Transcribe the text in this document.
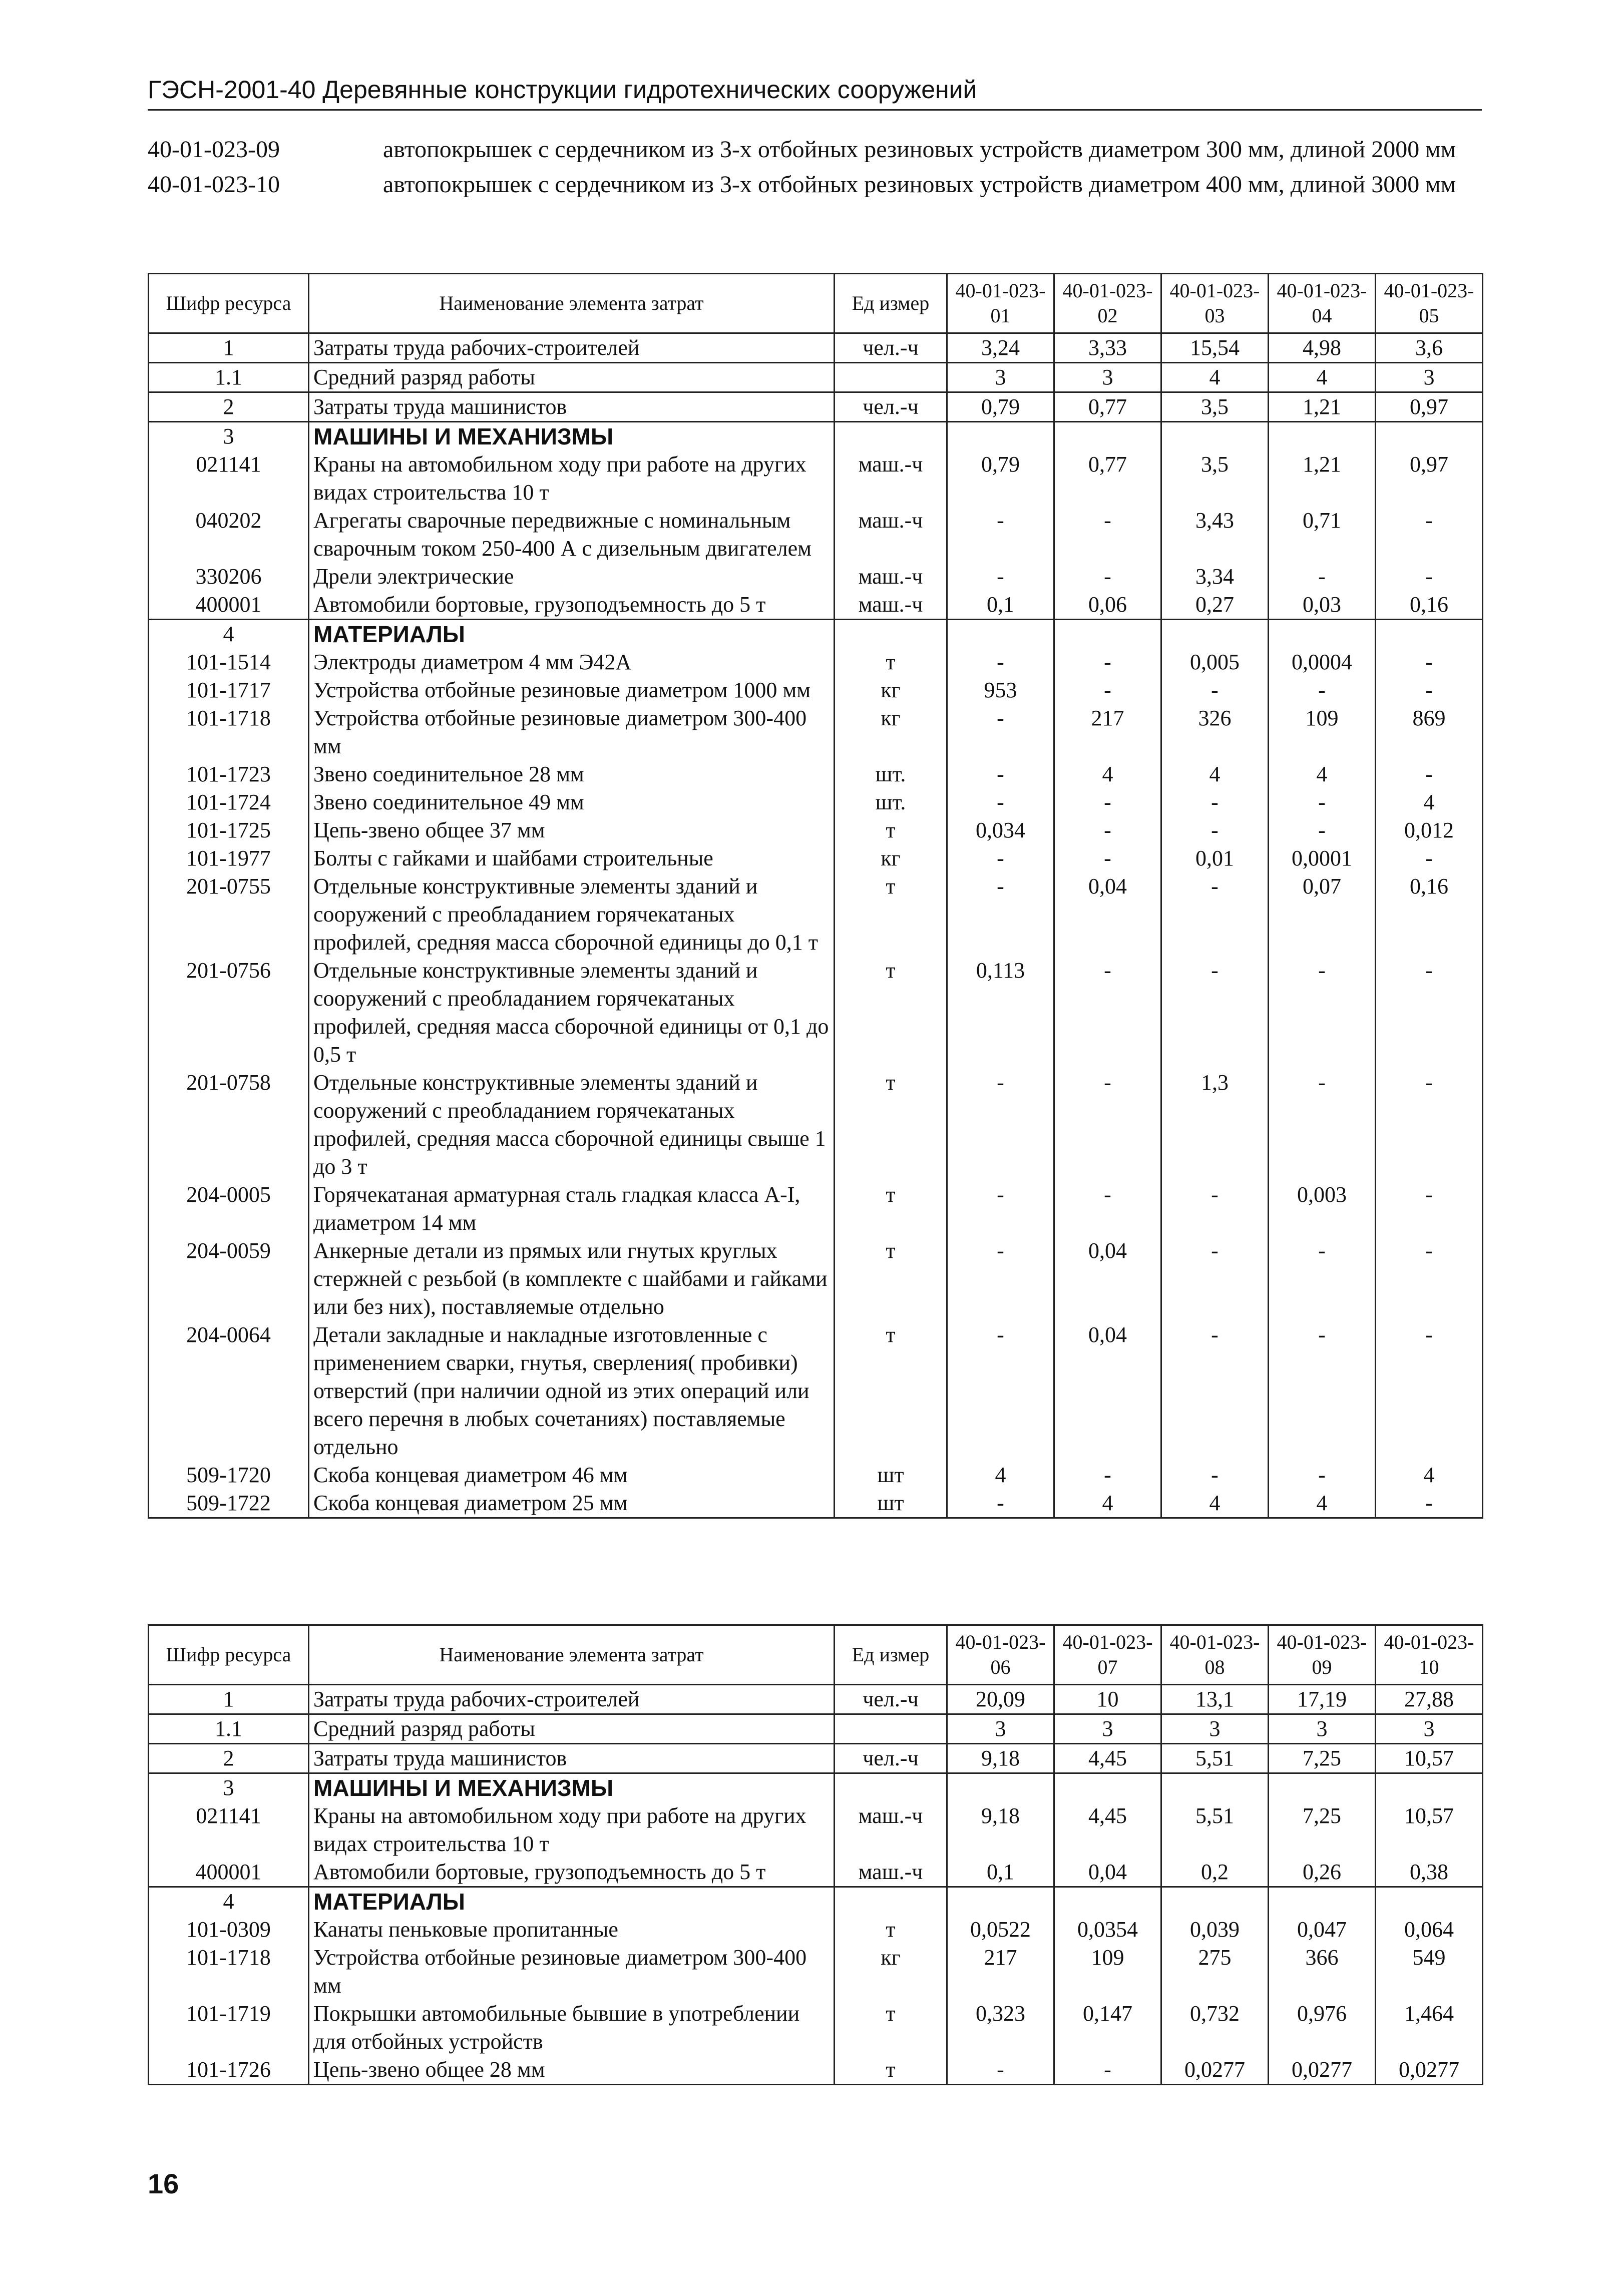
ГЭСН-2001-40 Деревянные конструкции гидротехнических сооружений
40-01-023-09	автопокрышек с сердечником из 3-х отбойных резиновых устройств диаметром 300 мм, длиной 2000 мм
40-01-023-10	автопокрышек с сердечником из 3-х отбойных резиновых устройств диаметром 400 мм, длиной 3000 мм
Шифр ресурса	Наименование элемента затрат	Ед измер	40-01-023-01	40-01-023-02	40-01-023-03	40-01-023-04	40-01-023-05
1	Затраты труда рабочих-строителей	чел.-ч	3,24	3,33	15,54	4,98	3,6
1.1	Средний разряд работы		3	3	4	4	3
2	Затраты труда машинистов	чел.-ч	0,79	0,77	3,5	1,21	0,97
3	МАШИНЫ И МЕХАНИЗМЫ						
021141	Краны на автомобильном ходу при работе на других видах строительства 10 т	маш.-ч	0,79	0,77	3,5	1,21	0,97
040202	Агрегаты сварочные передвижные с номинальным сварочным током 250-400 А с дизельным двигателем	маш.-ч	-	-	3,43	0,71	-
330206	Дрели электрические	маш.-ч	-	-	3,34	-	-
400001	Автомобили бортовые, грузоподъемность до 5 т	маш.-ч	0,1	0,06	0,27	0,03	0,16
4	МАТЕРИАЛЫ						
101-1514	Электроды диаметром 4 мм Э42А	т	-	-	0,005	0,0004	-
101-1717	Устройства отбойные резиновые диаметром 1000 мм	кг	953	-	-	-	-
101-1718	Устройства отбойные резиновые диаметром 300-400 мм	кг	-	217	326	109	869
101-1723	Звено соединительное 28 мм	шт.	-	4	4	4	-
101-1724	Звено соединительное 49 мм	шт.	-	-	-	-	4
101-1725	Цепь-звено общее 37 мм	т	0,034	-	-	-	0,012
101-1977	Болты с гайками и шайбами строительные	кг	-	-	0,01	0,0001	-
201-0755	Отдельные конструктивные элементы зданий и сооружений с преобладанием горячекатаных профилей, средняя масса сборочной единицы до 0,1 т	т	-	0,04	-	0,07	0,16
201-0756	Отдельные конструктивные элементы зданий и сооружений с преобладанием горячекатаных профилей, средняя масса сборочной единицы от 0,1 до 0,5 т	т	0,113	-	-	-	-
201-0758	Отдельные конструктивные элементы зданий и сооружений с преобладанием горячекатаных профилей, средняя масса сборочной единицы свыше 1 до 3 т	т	-	-	1,3	-	-
204-0005	Горячекатаная арматурная сталь гладкая класса А-I, диаметром 14 мм	т	-	-	-	0,003	-
204-0059	Анкерные детали из прямых или гнутых круглых стержней с резьбой (в комплекте с шайбами и гайками или без них), поставляемые отдельно	т	-	0,04	-	-	-
204-0064	Детали закладные и накладные изготовленные с применением сварки, гнутья, сверления( пробивки) отверстий (при наличии одной из этих операций или всего перечня в любых сочетаниях) поставляемые отдельно	т	-	0,04	-	-	-
509-1720	Скоба концевая диаметром 46 мм	шт	4	-	-	-	4
509-1722	Скоба концевая диаметром 25 мм	шт	-	4	4	4	-
Шифр ресурса	Наименование элемента затрат	Ед измер	40-01-023-06	40-01-023-07	40-01-023-08	40-01-023-09	40-01-023-10
1	Затраты труда рабочих-строителей	чел.-ч	20,09	10	13,1	17,19	27,88
1.1	Средний разряд работы		3	3	3	3	3
2	Затраты труда машинистов	чел.-ч	9,18	4,45	5,51	7,25	10,57
3	МАШИНЫ И МЕХАНИЗМЫ						
021141	Краны на автомобильном ходу при работе на других видах строительства 10 т	маш.-ч	9,18	4,45	5,51	7,25	10,57
400001	Автомобили бортовые, грузоподъемность до 5 т	маш.-ч	0,1	0,04	0,2	0,26	0,38
4	МАТЕРИАЛЫ						
101-0309	Канаты пеньковые пропитанные	т	0,0522	0,0354	0,039	0,047	0,064
101-1718	Устройства отбойные резиновые диаметром 300-400 мм	кг	217	109	275	366	549
101-1719	Покрышки автомобильные бывшие в употреблении для отбойных устройств	т	0,323	0,147	0,732	0,976	1,464
101-1726	Цепь-звено общее 28 мм	т	-	-	0,0277	0,0277	0,0277
16
